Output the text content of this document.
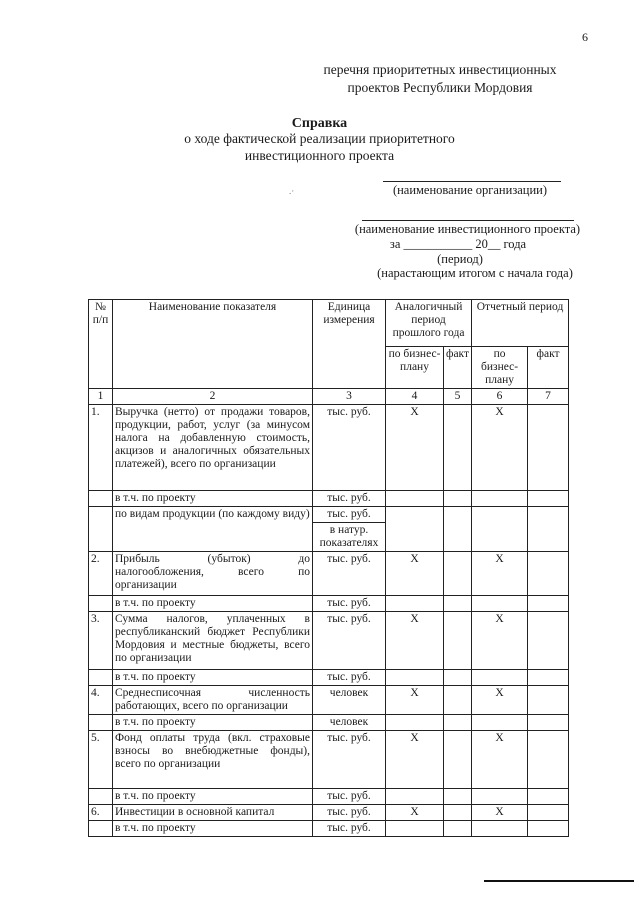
6
перечня приоритетных инвестиционных
проектов Республики Мордовия
Справка
о ходе фактической реализации приоритетного
инвестиционного проекта
.·	(наименование организации)
(наименование инвестиционного проекта)
за ___________ 20__ года
(период)
(нарастающим итогом с начала года)
№ п/п	Наименование показателя	Единица измерения	Аналогичный период прошлого года		Отчетный период	
			по бизнес-плану	факт	по бизнес-плану	факт
1	2	3	4	5	6	7
1.	Выручка (нетто) от продажи товаров, продукции, работ, услуг (за минусом налога на добавленную стоимость, акцизов и аналогичных обязательных платежей), всего по организации	тыс. руб.	X		X	
	в т.ч. по проекту	тыс. руб.				
	по видам продукции (по каждому виду)	тыс. руб.				
		в натур. показателях				
2.	Прибыль (убыток) до налогообложения, всего по организации	тыс. руб.	X		X	
	в т.ч. по проекту	тыс. руб.				
3.	Сумма налогов, уплаченных в республиканский бюджет Республики Мордовия и местные бюджеты, всего по организации	тыс. руб.	X		X	
	в т.ч. по проекту	тыс. руб.				
4.	Среднесписочная численность работающих, всего по организации	человек	X		X	
	в т.ч. по проекту	человек				
5.	Фонд оплаты труда (вкл. страховые взносы во внебюджетные фонды), всего по организации	тыс. руб.	X		X	
	в т.ч. по проекту	тыс. руб.				
6.	Инвестиции в основной капитал	тыс. руб.	X		X	
	в т.ч. по проекту	тыс. руб.				
